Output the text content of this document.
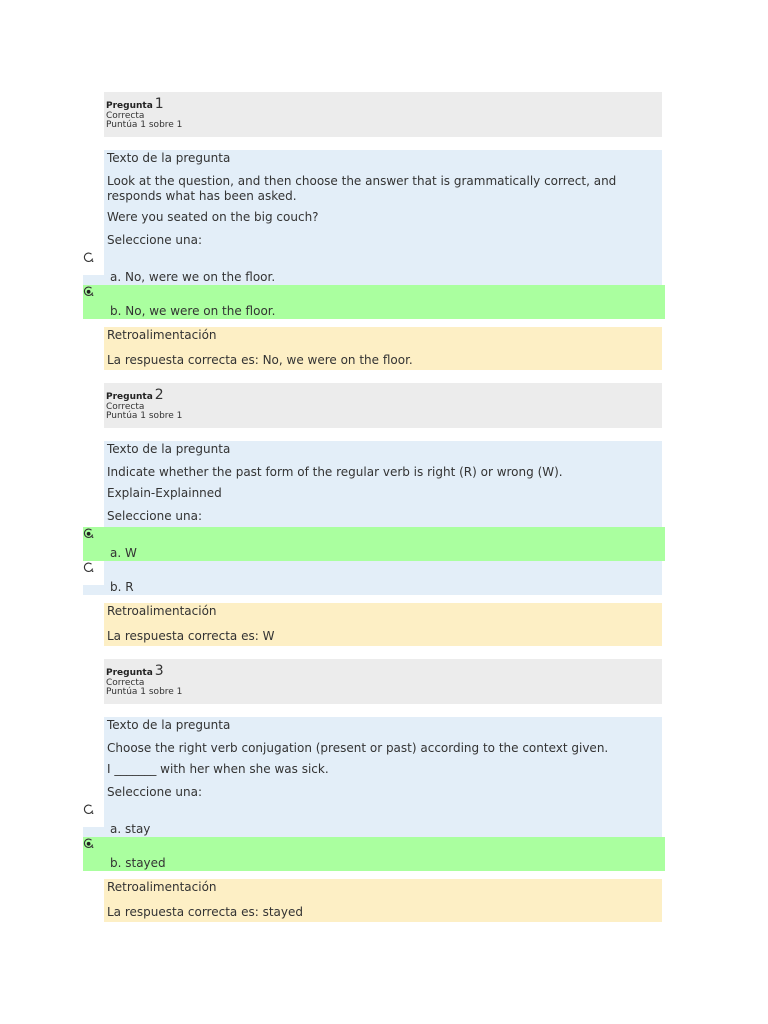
Pregunta 1
Correcta
Puntúa 1 sobre 1
Texto de la pregunta

Look at the question, and then choose the answer that is grammatically correct, and responds what has been asked.

Were you seated on the big couch?

Seleccione una:
a. No, were we on the floor.
b. No, we were on the floor.
Retroalimentación
La respuesta correcta es: No, we were on the floor.
Pregunta 2
Correcta
Puntúa 1 sobre 1
Texto de la pregunta

Indicate whether the past form of the regular verb is right (R) or wrong (W).

Explain-Explainned

Seleccione una:
a. W
b. R
Retroalimentación
La respuesta correcta es: W
Pregunta 3
Correcta
Puntúa 1 sobre 1
Texto de la pregunta

Choose the right verb conjugation (present or past) according to the context given.

I _______ with her when she was sick.

Seleccione una:
a. stay
b. stayed
Retroalimentación
La respuesta correcta es: stayed
